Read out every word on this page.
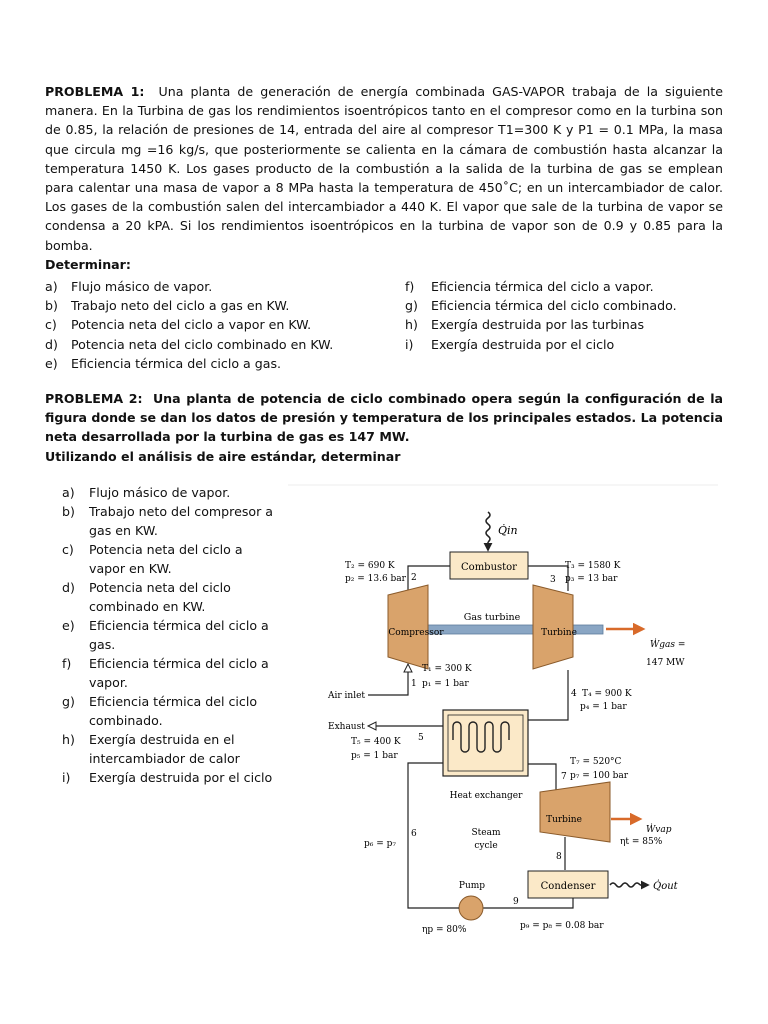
PROBLEMA 1: Una planta de generación de energía combinada GAS-VAPOR trabaja de la siguiente manera. En la Turbina de gas los rendimientos isoentrópicos tanto en el compresor como en la turbina son de 0.85, la relación de presiones de 14, entrada del aire al compresor T1=300 K y P1 = 0.1 MPa, la masa que circula mg =16 kg/s, que posteriormente se calienta en la cámara de combustión hasta alcanzar la temperatura 1450 K. Los gases producto de la combustión a la salida de la turbina de gas se emplean para calentar una masa de vapor a 8 MPa hasta la temperatura de 450˚C; en un intercambiador de calor. Los gases de la combustión salen del intercambiador a 440 K. El vapor que sale de la turbina de vapor se condensa a 20 kPA. Si los rendimientos isoentrópicos en la turbina de vapor son de 0.9 y 0.85 para la bomba.
Determinar:
a)	Flujo másico de vapor.
b)	Trabajo neto del ciclo a gas en KW.
c)	Potencia neta del ciclo a vapor en KW.
d)	Potencia neta del ciclo combinado en KW.
e)	Eficiencia térmica del ciclo a gas.
f)	Eficiencia térmica del ciclo a vapor.
g)	Eficiencia térmica del ciclo combinado.
h)	Exergía destruida por las turbinas
i)	Exergía destruida por el ciclo
PROBLEMA 2: Una planta de potencia de ciclo combinado opera según la configuración de la figura donde se dan los datos de presión y temperatura de los principales estados. La potencia neta desarrollada por la turbina de gas es 147 MW.
Utilizando el análisis de aire estándar, determinar
a)	Flujo másico de vapor.
b)	Trabajo neto del compresor a gas en KW.
c)	Potencia neta del ciclo a vapor en KW.
d)	Potencia neta del ciclo combinado en KW.
e)	Eficiencia térmica del ciclo a gas.
f)	Eficiencia térmica del ciclo a vapor.
g)	Eficiencia térmica del ciclo combinado.
h)	Exergía destruida en el intercambiador de calor
i)	Exergía destruida por el ciclo
Q̇in
Combustor
T₂ = 690 K
p₂ = 13.6 bar 2	3
T₃ = 1580 K
p₃ = 13 bar
Gas turbine
Compressor	Turbine
Ẇgas =
147 MW
Air inlet
T₁ = 300 K
1 p₁ = 1 bar
4 T₄ = 900 K
p₄ = 1 bar
Heat exchanger
Exhaust
T₅ = 400 K
p₅ = 1 bar
5
7
T₇ = 520°C
p₇ = 100 bar
Turbine
Ẇvap
ηt = 85%
8
Condenser	Q̇out
9
Pump
ηp = 80%	p₉ = p₈ = 0.08 bar
6
p₆ = p₇
Steam
cycle
